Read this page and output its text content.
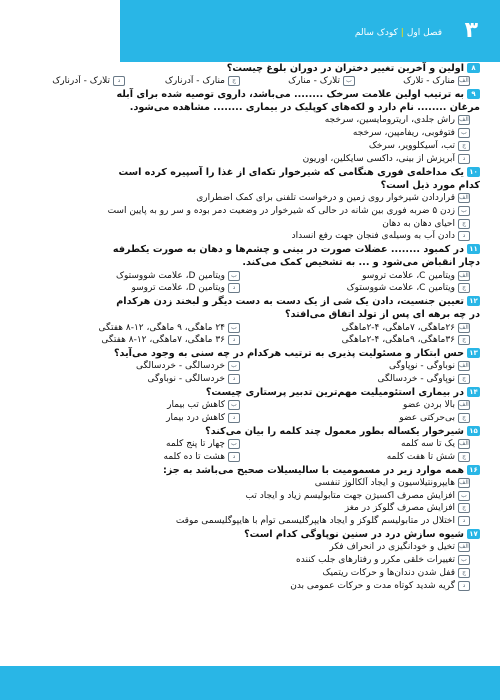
۳
فصل اول|کودک سالم
۸اولین و آخرین تغییر دختران در دوران بلوغ چیست؟
الفمنارک - تلارک
بتلارک - منارک
جمنارک - آدرنارک
دتلارک - آدرنارک
۹به ترتیب اولین علامت سرخک ........ می‌باشد، داروی توصیه شده برای آبله
مرغان ........ نام دارد و لکه‌های کوپلیک در بیماری ........ مشاهده می‌شود.
الفراش جلدی، اریترومایسین، سرخجه
بفتوفوبی، ریفامپین، سرخجه
جتب، آسیکلوویر، سرخک
دآبریزش از بینی، داکسی سایکلین، اوریون
۱۰یک مداخله‌ی فوری هنگامی که شیرخوار تکه‌ای از غذا را آسپیره کرده است
کدام مورد ذیل است؟
الفقراردادن شیرخوار روی زمین و درخواست تلفنی برای کمک اضطراری
بزدن ۵ ضربه فوری بین شانه در حالی که شیرخوار در وضعیت دمر بوده و سر رو به پایین است
جاحیای دهان به دهان
ددادن آب به وسیله‌ی فنجان جهت رفع انسداد
۱۱در کمبود ........ عضلات صورت در بینی و چشم‌ها و دهان به صورت یکطرفه
دچار انقباض می‌شود و ... به تشخیص کمک می‌کند.
الفویتامین C، علامت تروسو
بویتامین D، علامت شووستوک
جویتامین C، علامت شووستوک
دویتامین D، علامت تروسو
۱۲تعیین جنسیت، دادن یک شی از یک دست به دست دیگر و لبخند زدن هرکدام
در چه برهه ای پس از تولد اتفاق می‌افتد؟
الف۲۶ماهگی، ۷ماهگی، ۴-۲ماهگی
ب۲۴ ماهگی، ۹ ماهگی، ۱۲-۸ هفتگی
ج۳۶ماهگی، ۹ماهگی، ۴-۲ماهگی
د۳۶ ماهگی، ۷ماهگی، ۱۲-۸ هفتگی
۱۳حس ابتکار و مسئولیت پذیری به ترتیب هرکدام در چه سنی به وجود می‌آید؟
الفنوباوگی - نوپاوگی
بخرد‌سالگی - خرد‌سالگی
جنوپاوگی - خرد‌سالگی
دخرد‌سالگی - نوباوگی
۱۴در بیماری استئومیلیت مهم‌ترین تدبیر پرستاری چیست؟
الفبالا بردن عضو
بکاهش تب بیمار
جبی‌حرکتی عضو
دکاهش درد بیمار
۱۵شیرخوار یکساله بطور معمول چند کلمه را بیان می‌کند؟
الفیک تا سه کلمه
بچهار تا پنج کلمه
جشش تا هفت کلمه
دهشت تا ده کلمه
۱۶همه موارد زیر در مسمومیت با سالیسیلات صحیح می‌باشد به جز:
الفهایپرونتیلاسیون و ایجاد آلکالوز تنفسی
بافزایش مصرف اکسیژن جهت متابولیسم زیاد و ایجاد تب
جافزایش مصرف گلوکز در مغز
داختلال در متابولیسم گلوکز و ایجاد هایپرگلیسمی توأم با هایپوگلیسمی موقت
۱۷شیوه سازش درد در سنین نوپاوگی کدام است؟
الفتخیل و خودانگیزی در انحراف فکر
بتغییرات خلقی مکرر و رفتارهای جلب کننده
جقفل شدن دندان‌ها و حرکات ریتمیک
دگریه شدید کوتاه مدت و حرکات عمومی بدن
